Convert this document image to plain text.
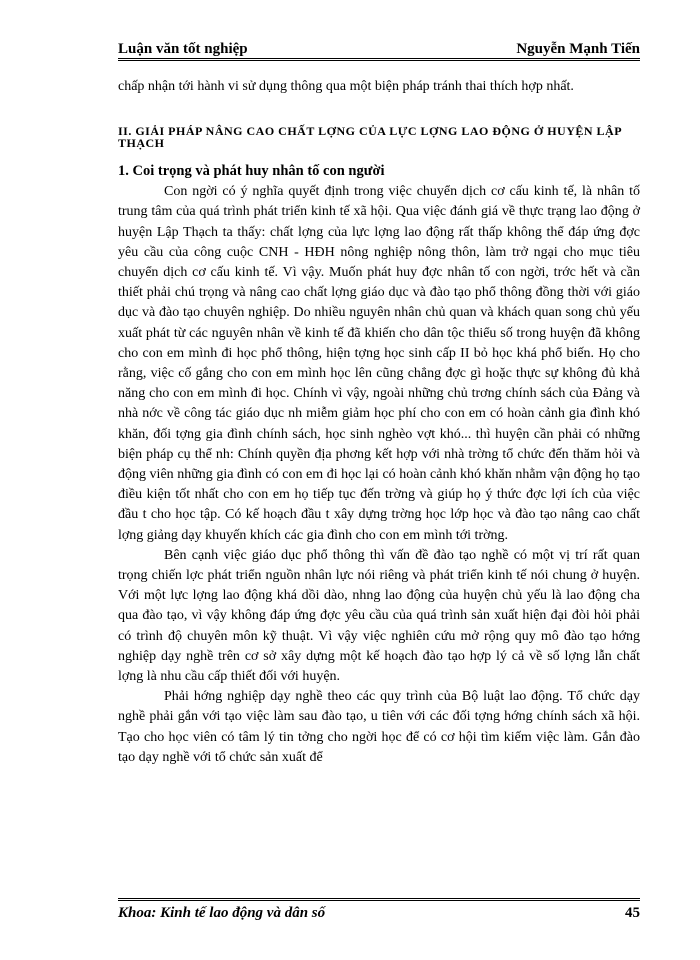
Luận văn tốt nghiệp	Nguyễn Mạnh Tiến

chấp nhận tới hành vi sử dụng thông qua một biện pháp tránh thai thích hợp nhất.

II. GIẢI PHÁP NÂNG CAO CHẤT LỢNG CỦA LỰC LỢNG LAO ĐỘNG Ở HUYỆN LẬP THẠCH

1. Coi trọng và phát huy nhân tố con người

Con ngời có ý nghĩa quyết định trong việc chuyển dịch cơ cấu kinh tế, là nhân tố trung tâm của quá trình phát triển kinh tế xã hội. Qua việc đánh giá về thực trạng lao động ở huyện Lập Thạch ta thấy: chất lợng của lực lợng lao động rất thấp không thể đáp ứng đợc yêu cầu của công cuộc CNH - HĐH nông nghiệp nông thôn, làm trở ngại cho mục tiêu chuyển dịch cơ cấu kinh tế. Vì vậy. Muốn phát huy đợc nhân tố con ngời, trớc hết và cần thiết phải chú trọng và nâng cao chất lợng giáo dục và đào tạo phổ thông đồng thời với giáo dục và đào tạo chuyên nghiệp. Do nhiều nguyên nhân chủ quan và khách quan song chủ yếu xuất phát từ các nguyên nhân về kinh tế đã khiến cho dân tộc thiểu số trong huyện đã không cho con em mình đi học phổ thông, hiện tợng học sinh cấp II bỏ học khá phổ biến. Họ cho rằng, việc cố gắng cho con em mình học lên cũng chẳng đợc gì hoặc thực sự không đủ khả năng cho con em mình đi học. Chính vì vậy, ngoài những chủ trơng chính sách của Đảng và nhà nớc về công tác giáo dục nh miễm giảm học phí cho con em có hoàn cảnh gia đình khó khăn, đối tợng gia đình chính sách, học sinh nghèo vợt khó... thì huyện cần phải có những biện pháp cụ thể nh: Chính quyền địa phơng kết hợp với nhà trờng tổ chức đến thăm hỏi và động viên những gia đình có con em đi học lại có hoàn cảnh khó khăn nhằm vận động họ tạo điều kiện tốt nhất cho con em họ tiếp tục đến trờng và giúp họ ý thức đợc lợi ích của việc đầu t cho học tập. Có kế hoạch đầu t xây dựng trờng học lớp học và đào tạo nâng cao chất lợng giảng dạy khuyến khích các gia đình cho con em mình tới trờng.

Bên cạnh việc giáo dục phổ thông thì vấn đề đào tạo nghề có một vị trí rất quan trọng chiến lợc phát triển nguồn nhân lực nói riêng và phát triển kinh tế nói chung ở huyện. Với một lực lợng lao động khá dồi dào, nhng lao động của huyện chủ yếu là lao động cha qua đào tạo, vì vậy không đáp ứng đợc yêu cầu của quá trình sản xuất hiện đại đòi hỏi phải có trình độ chuyên môn kỹ thuật. Vì vậy việc nghiên cứu mở rộng quy mô đào tạo hớng nghiệp dạy nghề trên cơ sở xây dựng một kế hoạch đào tạo hợp lý cả về số lợng lẫn chất lợng là nhu cầu cấp thiết đối với huyện.

Phải hớng nghiệp dạy nghề theo các quy trình của Bộ luật lao động. Tổ chức dạy nghề phải gắn với tạo việc làm sau đào tạo, u tiên với các đối tợng hớng chính sách xã hội. Tạo cho học viên có tâm lý tin tởng cho ngời học để có cơ hội tìm kiếm việc làm. Gắn đào tạo dạy nghề với tổ chức sản xuất để

Khoa: Kinh tế lao động và dân số	45
